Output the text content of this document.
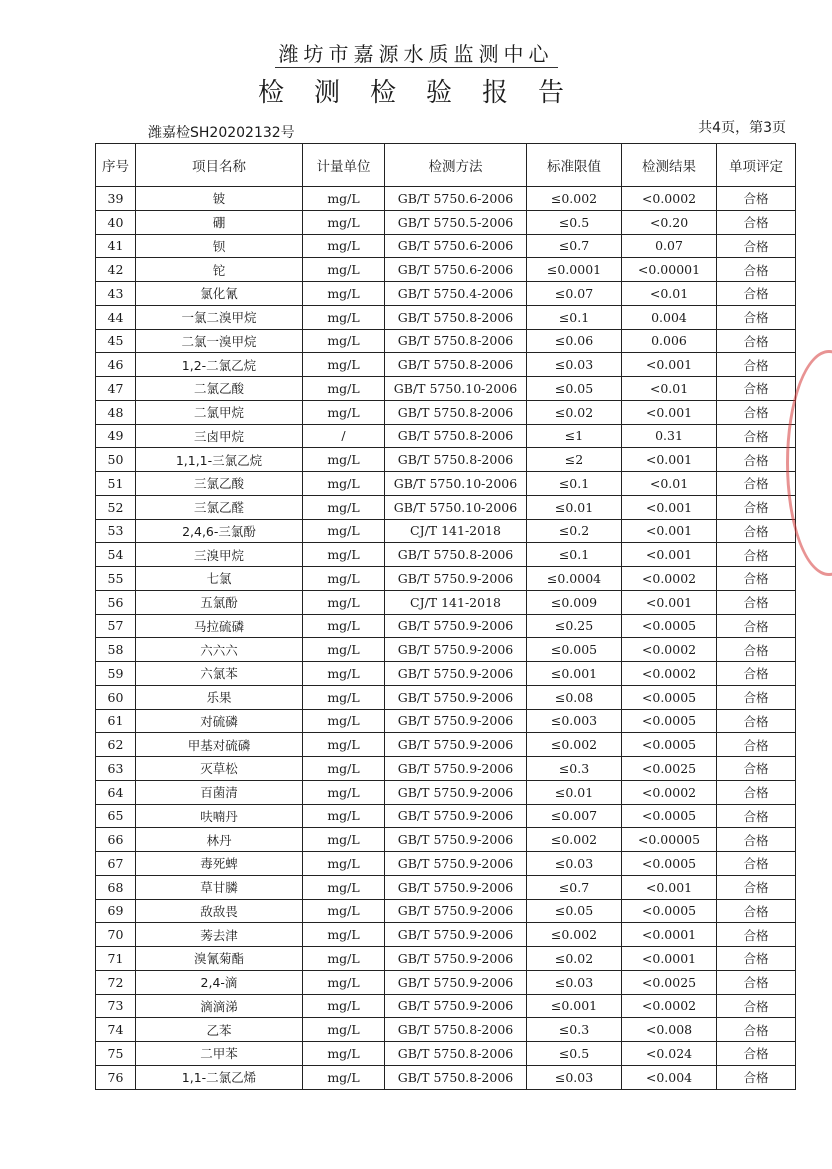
潍坊市嘉源水质监测中心
检测检验报告
潍嘉检SH20202132号	共4页，第3页
序号	项目名称	计量单位	检测方法	标准限值	检测结果	单项评定
39	铍	mg/L	GB/T 5750.6-2006	≤0.002	<0.0002	合格
40	硼	mg/L	GB/T 5750.5-2006	≤0.5	<0.20	合格
41	钡	mg/L	GB/T 5750.6-2006	≤0.7	0.07	合格
42	铊	mg/L	GB/T 5750.6-2006	≤0.0001	<0.00001	合格
43	氯化氰	mg/L	GB/T 5750.4-2006	≤0.07	<0.01	合格
44	一氯二溴甲烷	mg/L	GB/T 5750.8-2006	≤0.1	0.004	合格
45	二氯一溴甲烷	mg/L	GB/T 5750.8-2006	≤0.06	0.006	合格
46	1,2-二氯乙烷	mg/L	GB/T 5750.8-2006	≤0.03	<0.001	合格
47	二氯乙酸	mg/L	GB/T 5750.10-2006	≤0.05	<0.01	合格
48	二氯甲烷	mg/L	GB/T 5750.8-2006	≤0.02	<0.001	合格
49	三卤甲烷	/	GB/T 5750.8-2006	≤1	0.31	合格
50	1,1,1-三氯乙烷	mg/L	GB/T 5750.8-2006	≤2	<0.001	合格
51	三氯乙酸	mg/L	GB/T 5750.10-2006	≤0.1	<0.01	合格
52	三氯乙醛	mg/L	GB/T 5750.10-2006	≤0.01	<0.001	合格
53	2,4,6-三氯酚	mg/L	CJ/T 141-2018	≤0.2	<0.001	合格
54	三溴甲烷	mg/L	GB/T 5750.8-2006	≤0.1	<0.001	合格
55	七氯	mg/L	GB/T 5750.9-2006	≤0.0004	<0.0002	合格
56	五氯酚	mg/L	CJ/T 141-2018	≤0.009	<0.001	合格
57	马拉硫磷	mg/L	GB/T 5750.9-2006	≤0.25	<0.0005	合格
58	六六六	mg/L	GB/T 5750.9-2006	≤0.005	<0.0002	合格
59	六氯苯	mg/L	GB/T 5750.9-2006	≤0.001	<0.0002	合格
60	乐果	mg/L	GB/T 5750.9-2006	≤0.08	<0.0005	合格
61	对硫磷	mg/L	GB/T 5750.9-2006	≤0.003	<0.0005	合格
62	甲基对硫磷	mg/L	GB/T 5750.9-2006	≤0.002	<0.0005	合格
63	灭草松	mg/L	GB/T 5750.9-2006	≤0.3	<0.0025	合格
64	百菌清	mg/L	GB/T 5750.9-2006	≤0.01	<0.0002	合格
65	呋喃丹	mg/L	GB/T 5750.9-2006	≤0.007	<0.0005	合格
66	林丹	mg/L	GB/T 5750.9-2006	≤0.002	<0.00005	合格
67	毒死蜱	mg/L	GB/T 5750.9-2006	≤0.03	<0.0005	合格
68	草甘膦	mg/L	GB/T 5750.9-2006	≤0.7	<0.001	合格
69	敌敌畏	mg/L	GB/T 5750.9-2006	≤0.05	<0.0005	合格
70	莠去津	mg/L	GB/T 5750.9-2006	≤0.002	<0.0001	合格
71	溴氰菊酯	mg/L	GB/T 5750.9-2006	≤0.02	<0.0001	合格
72	2,4-滴	mg/L	GB/T 5750.9-2006	≤0.03	<0.0025	合格
73	滴滴涕	mg/L	GB/T 5750.9-2006	≤0.001	<0.0002	合格
74	乙苯	mg/L	GB/T 5750.8-2006	≤0.3	<0.008	合格
75	二甲苯	mg/L	GB/T 5750.8-2006	≤0.5	<0.024	合格
76	1,1-二氯乙烯	mg/L	GB/T 5750.8-2006	≤0.03	<0.004	合格
